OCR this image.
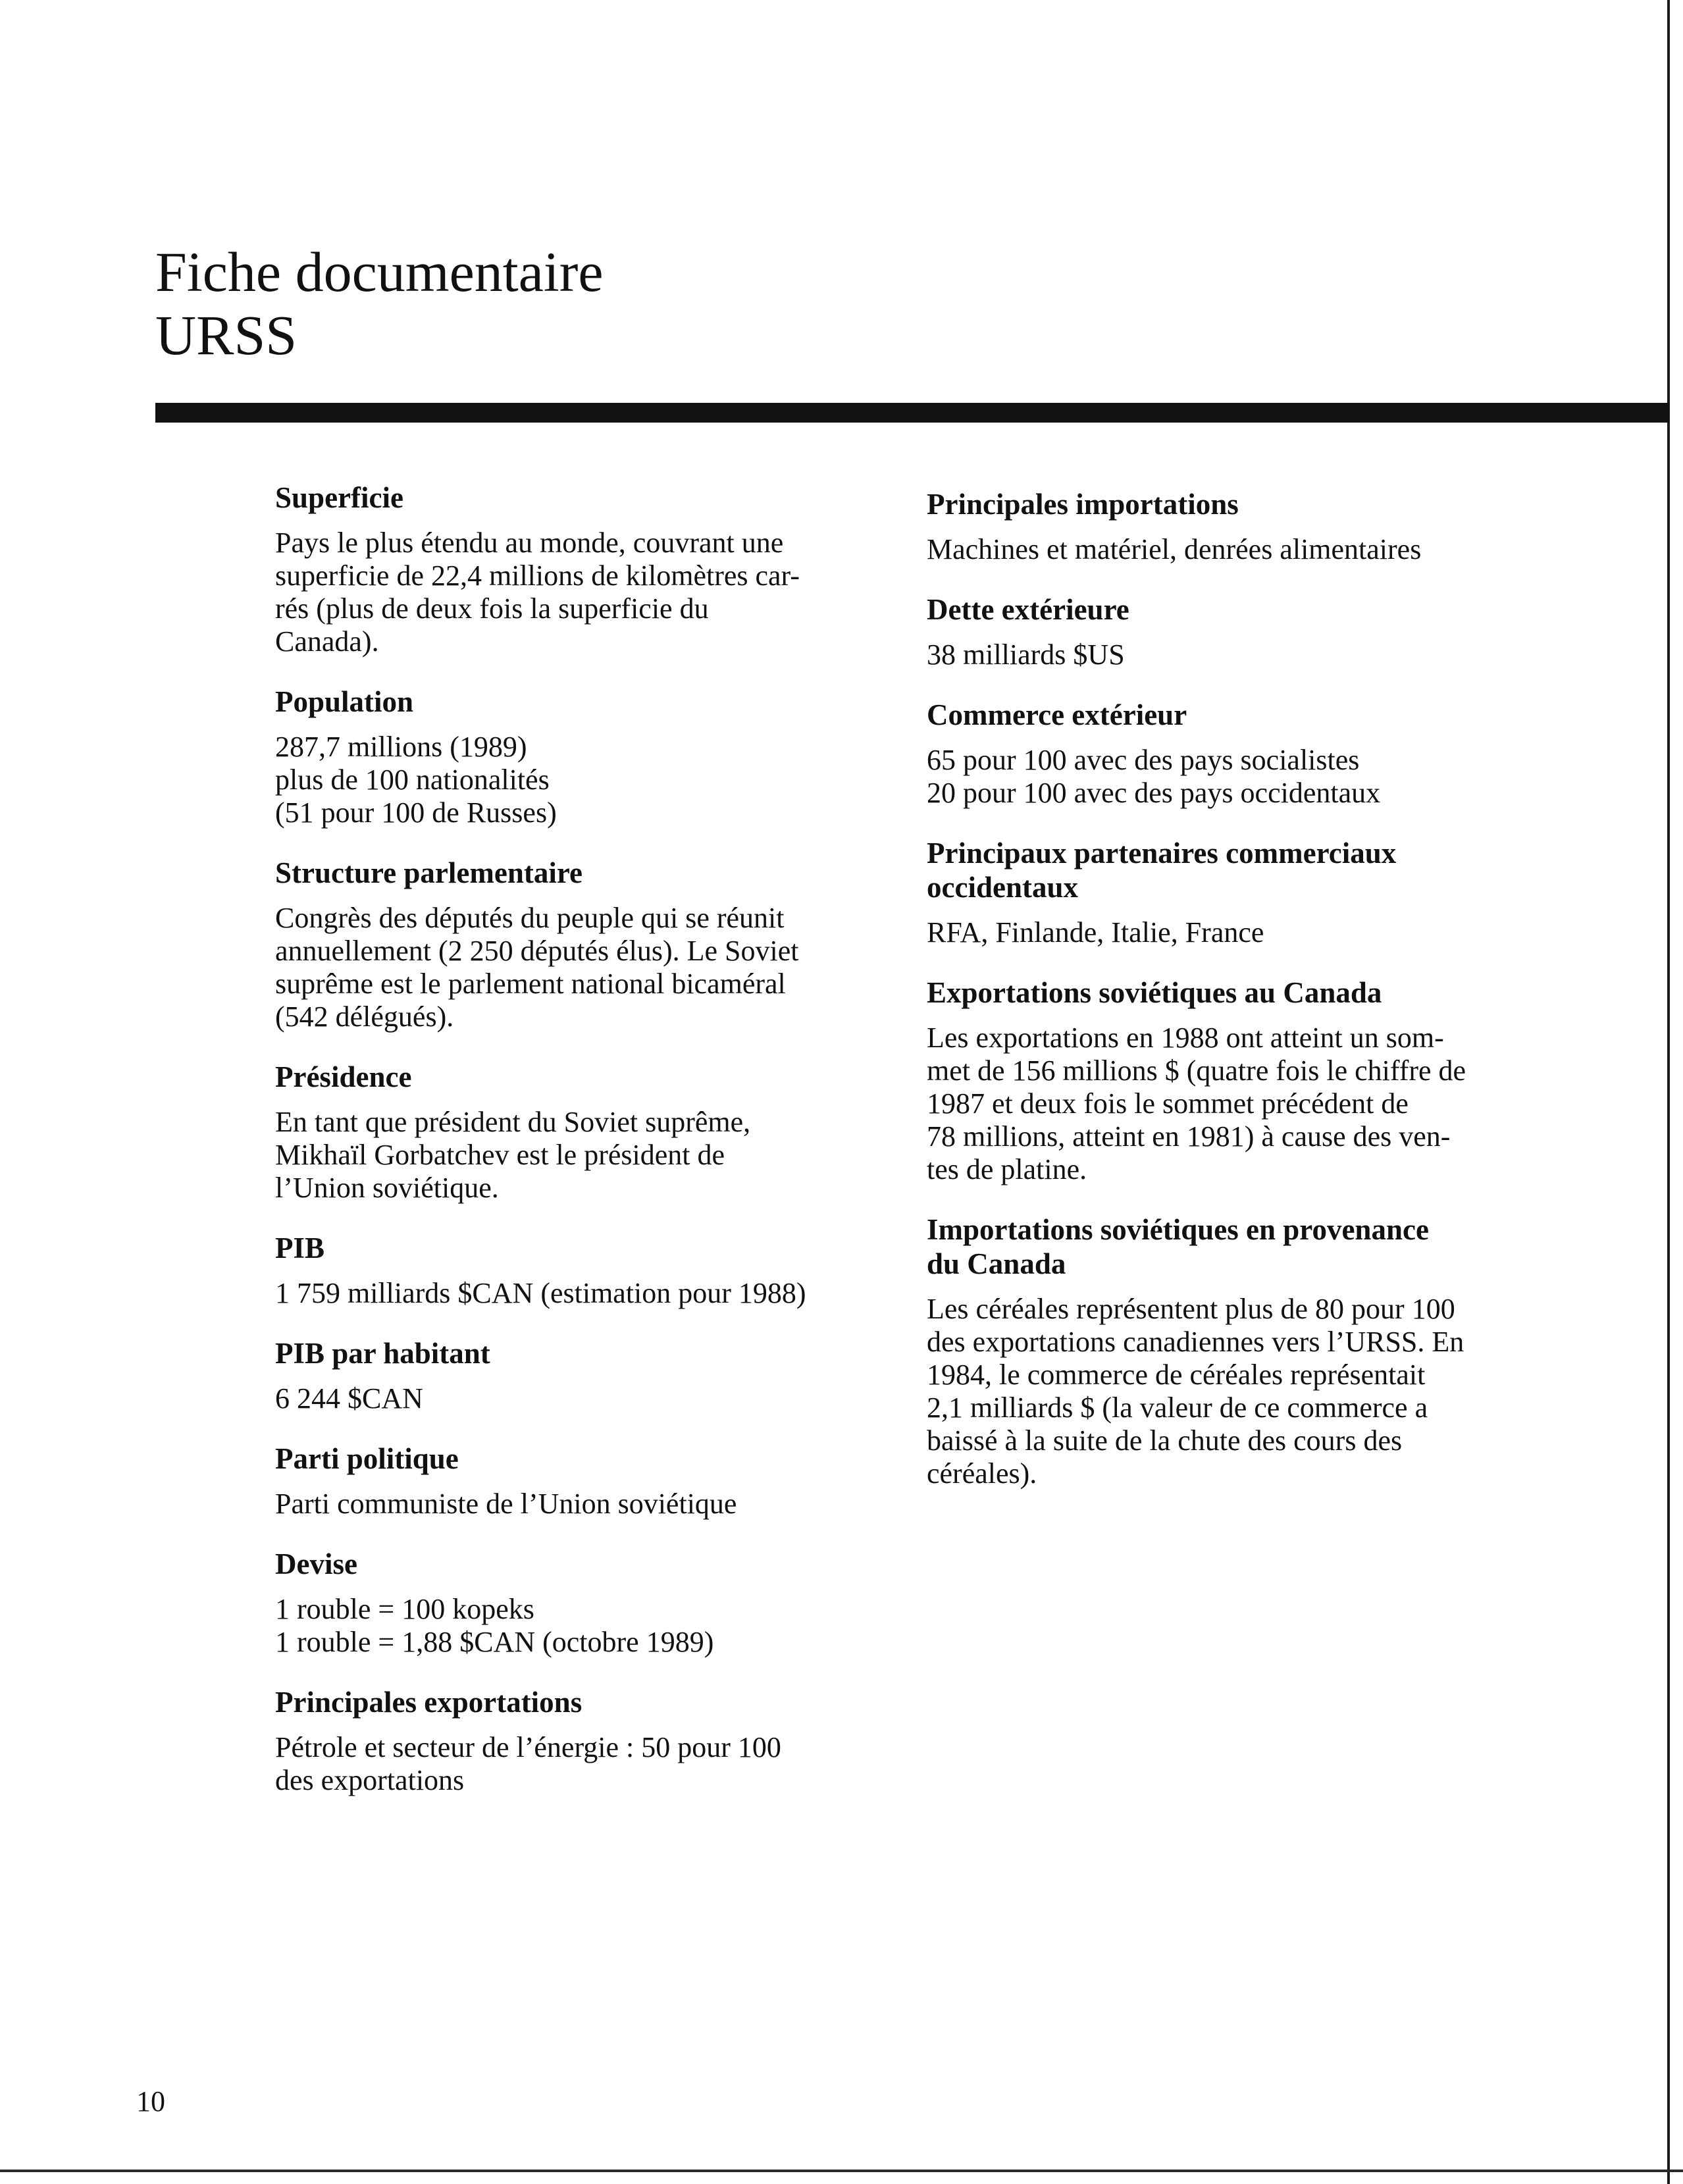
Fiche documentaire
URSS
Superficie
Pays le plus étendu au monde, couvrant une
superficie de 22,4 millions de kilomètres car-
rés (plus de deux fois la superficie du
Canada).
Population
287,7 millions (1989)
plus de 100 nationalités
(51 pour 100 de Russes)
Structure parlementaire
Congrès des députés du peuple qui se réunit
annuellement (2 250 députés élus). Le Soviet
suprême est le parlement national bicaméral
(542 délégués).
Présidence
En tant que président du Soviet suprême,
Mikhaïl Gorbatchev est le président de
l’Union soviétique.
PIB
1 759 milliards $CAN (estimation pour 1988)
PIB par habitant
6 244 $CAN
Parti politique
Parti communiste de l’Union soviétique
Devise
1 rouble = 100 kopeks
1 rouble = 1,88 $CAN (octobre 1989)
Principales exportations
Pétrole et secteur de l’énergie : 50 pour 100
des exportations
Principales importations
Machines et matériel, denrées alimentaires
Dette extérieure
38 milliards $US
Commerce extérieur
65 pour 100 avec des pays socialistes
20 pour 100 avec des pays occidentaux
Principaux partenaires commerciaux
occidentaux
RFA, Finlande, Italie, France
Exportations soviétiques au Canada
Les exportations en 1988 ont atteint un som-
met de 156 millions $ (quatre fois le chiffre de
1987 et deux fois le sommet précédent de
78 millions, atteint en 1981) à cause des ven-
tes de platine.
Importations soviétiques en provenance
du Canada
Les céréales représentent plus de 80 pour 100
des exportations canadiennes vers l’URSS. En
1984, le commerce de céréales représentait
2,1 milliards $ (la valeur de ce commerce a
baissé à la suite de la chute des cours des
céréales).
10
